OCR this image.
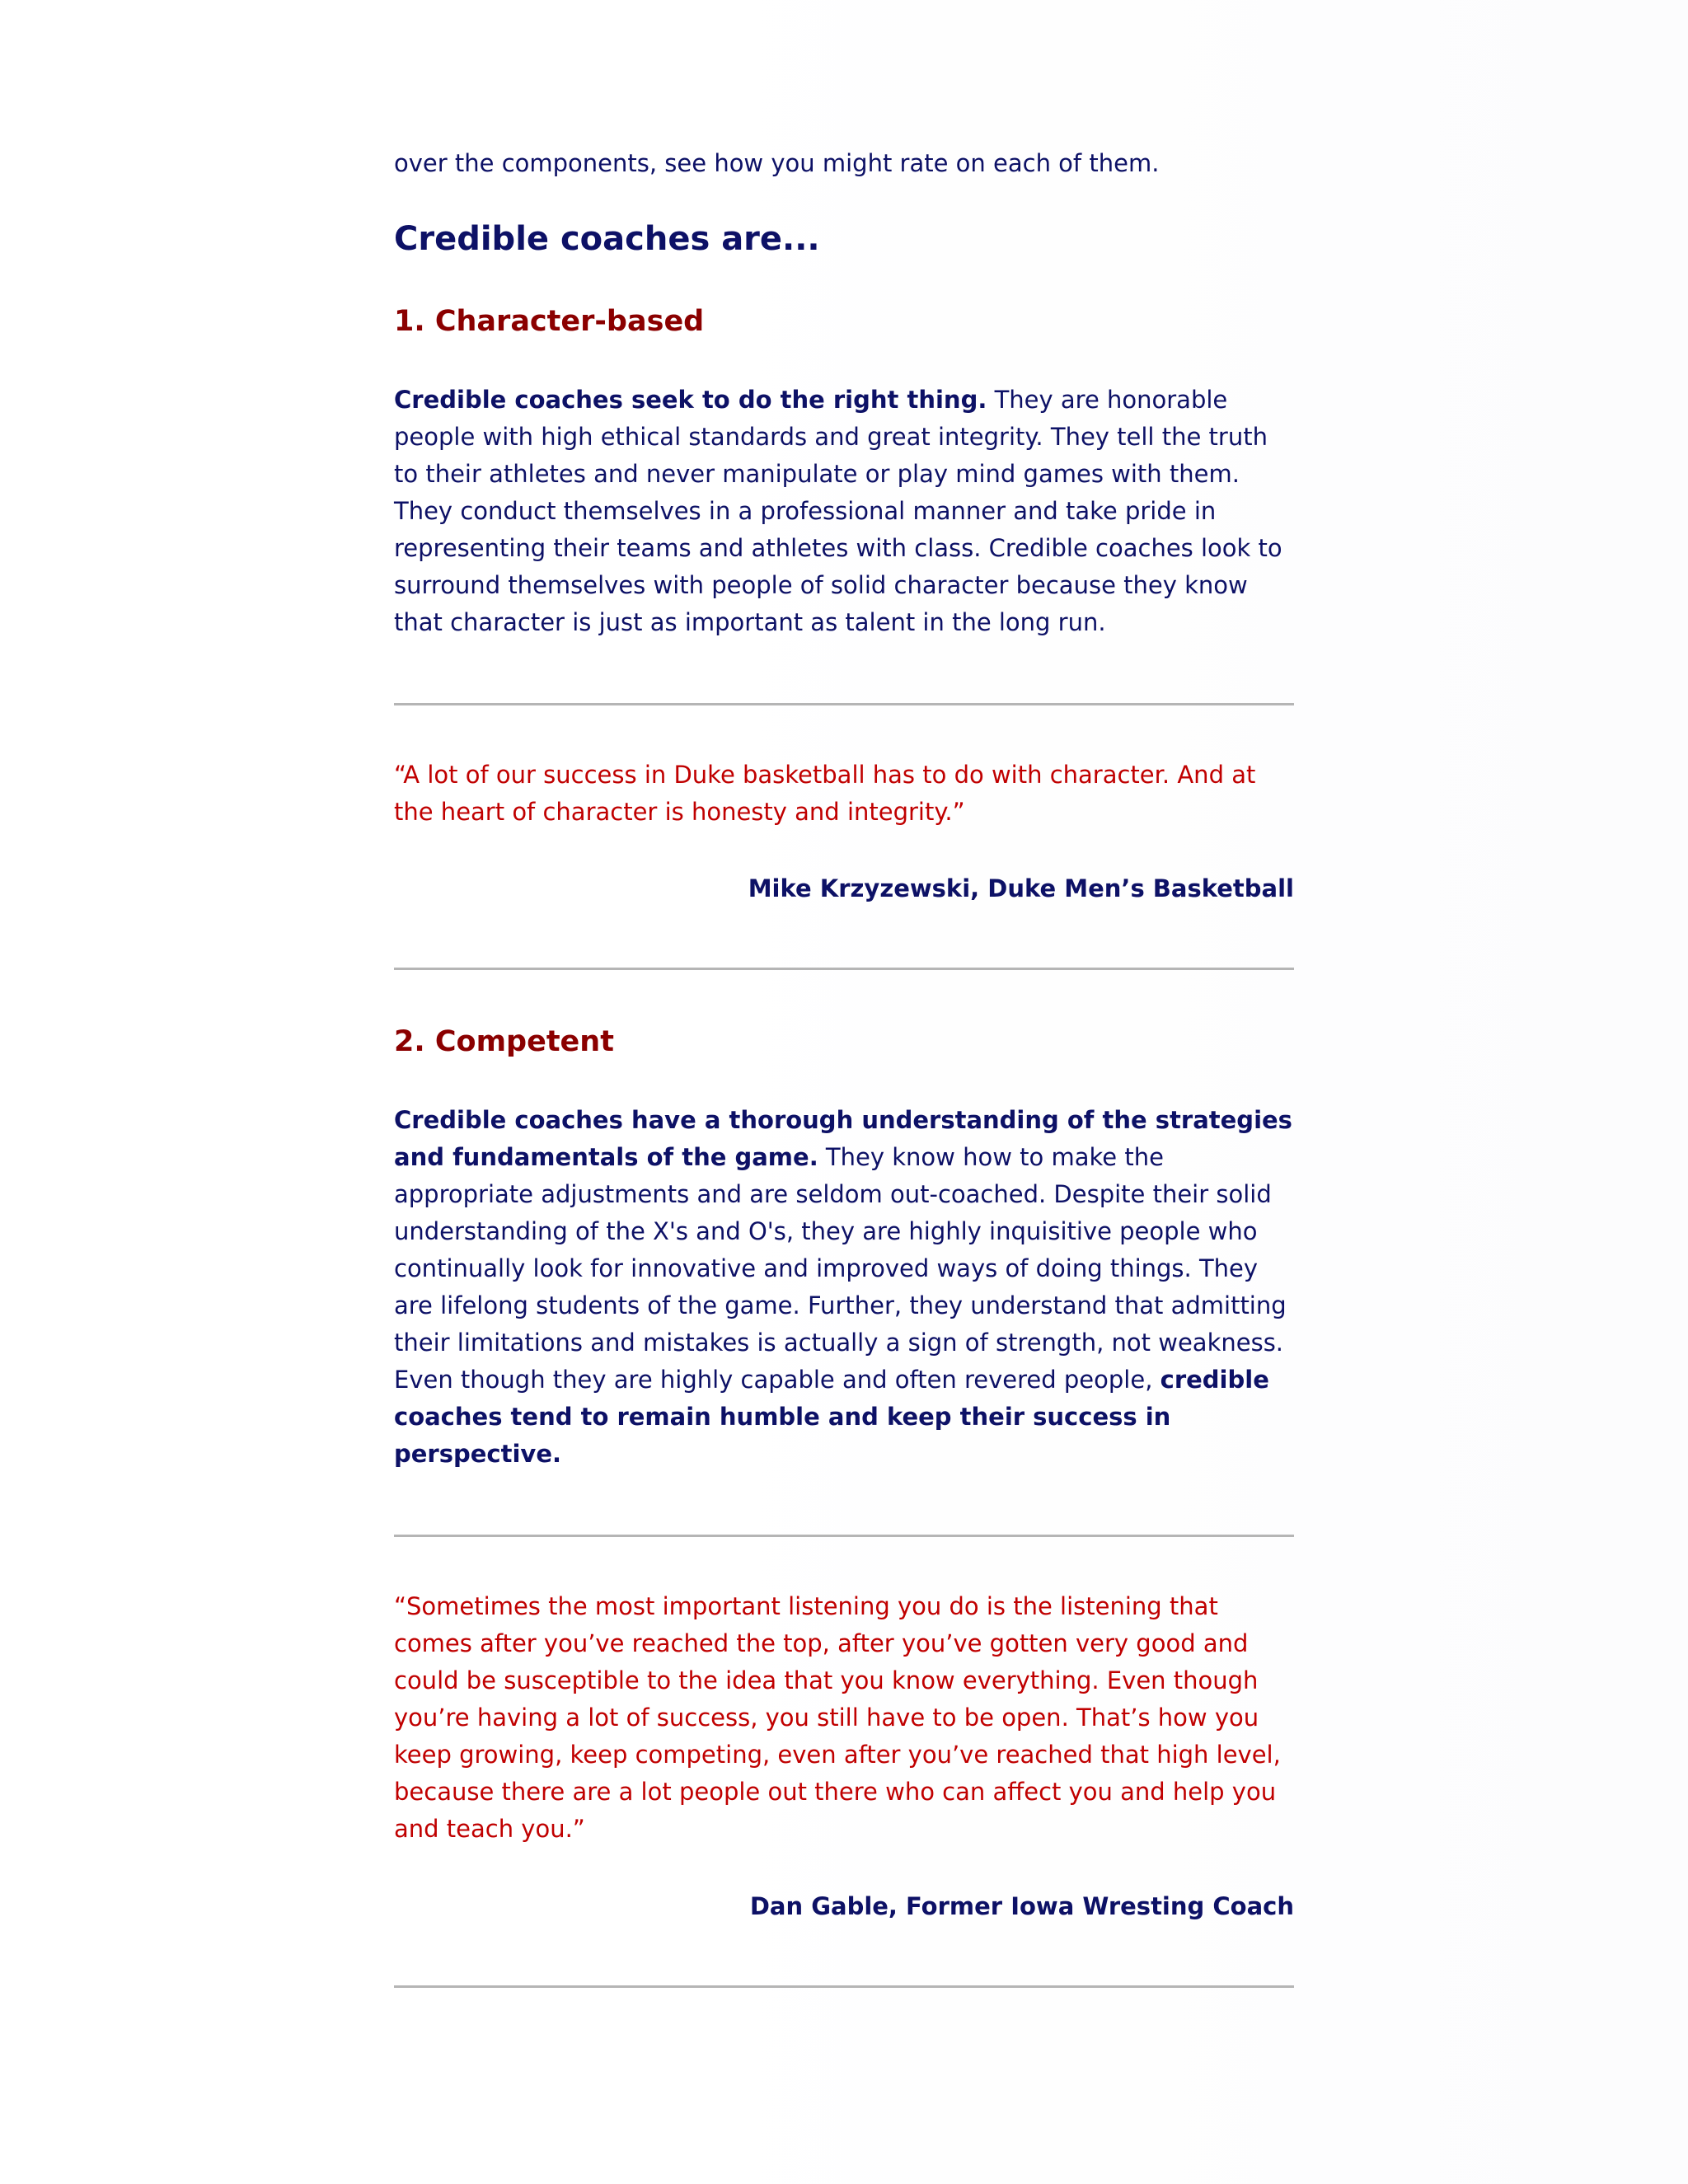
over the components, see how you might rate on each of them.

Credible coaches are...
1. Character-based

Credible coaches seek to do the right thing. They are honorable people with high ethical standards and great integrity. They tell the truth to their athletes and never manipulate or play mind games with them. They conduct themselves in a professional manner and take pride in representing their teams and athletes with class. Credible coaches look to surround themselves with people of solid character because they know that character is just as important as talent in the long run.

“A lot of our success in Duke basketball has to do with character. And at the heart of character is honesty and integrity.”

Mike Krzyzewski, Duke Men’s Basketball

2. Competent

Credible coaches have a thorough understanding of the strategies and fundamentals of the game. They know how to make the appropriate adjustments and are seldom out-coached. Despite their solid understanding of the X's and O's, they are highly inquisitive people who continually look for innovative and improved ways of doing things. They are lifelong students of the game. Further, they understand that admitting their limitations and mistakes is actually a sign of strength, not weakness. Even though they are highly capable and often revered people, credible coaches tend to remain humble and keep their success in perspective.

“Sometimes the most important listening you do is the listening that comes after you’ve reached the top, after you’ve gotten very good and could be susceptible to the idea that you know everything. Even though you’re having a lot of success, you still have to be open. That’s how you keep growing, keep competing, even after you’ve reached that high level, because there are a lot people out there who can affect you and help you and teach you.”

Dan Gable, Former Iowa Wresting Coach
